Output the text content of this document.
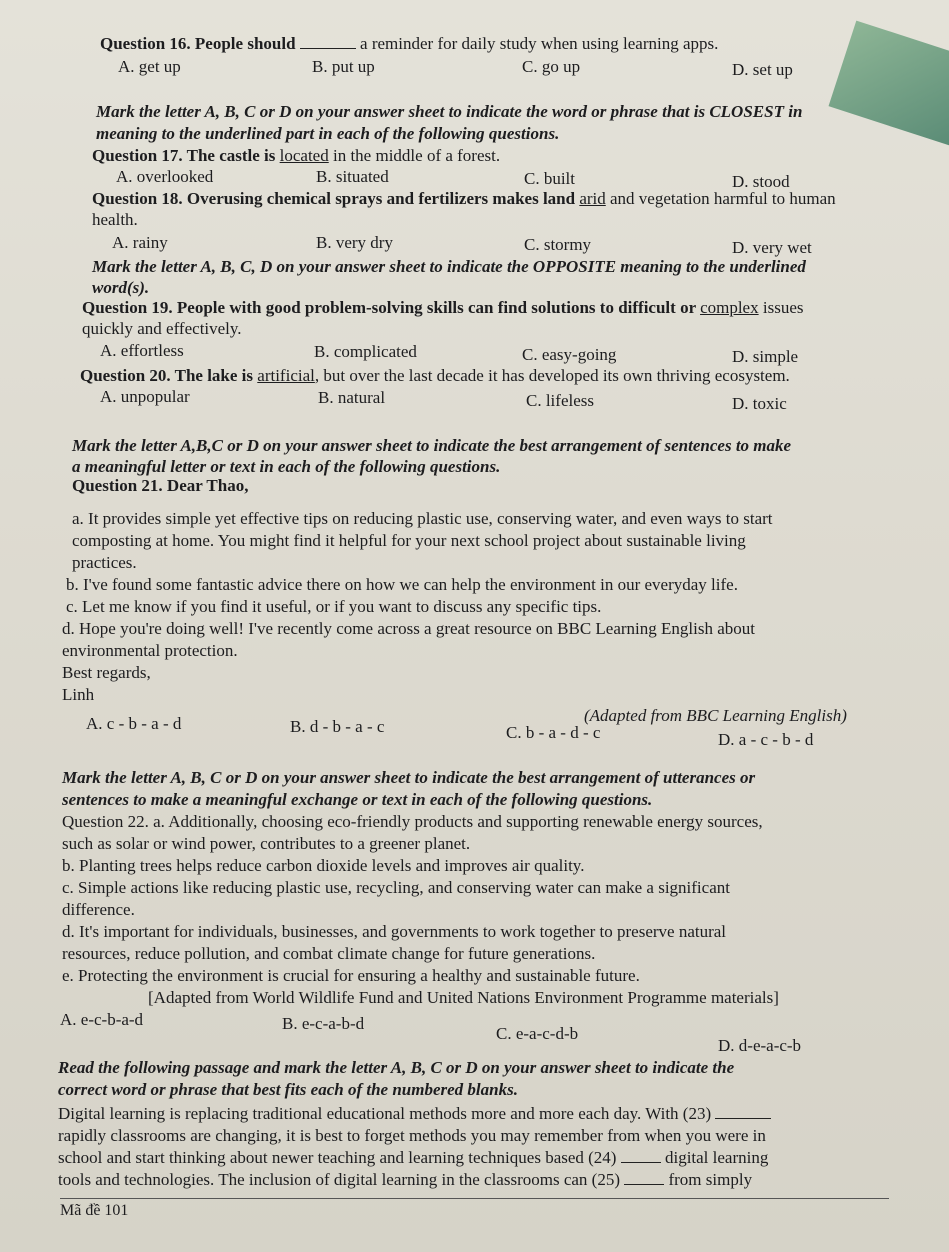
Question 16. People should	a reminder for daily study when using learning apps.
A. get up	B. put up	C. go up	D. set up
Mark the letter A, B, C or D on your answer sheet to indicate the word or phrase that is CLOSEST in
meaning to the underlined part in each of the following questions.
Question 17. The castle is located in the middle of a forest.
A. overlooked	B. situated	C. built	D. stood
Question 18. Overusing chemical sprays and fertilizers makes land arid and vegetation harmful to human
health.
A. rainy	B. very dry	C. stormy	D. very wet
Mark the letter A, B, C, D on your answer sheet to indicate the OPPOSITE meaning to the underlined
word(s).
Question 19. People with good problem-solving skills can find solutions to difficult or complex issues
quickly and effectively.
A. effortless	B. complicated	C. easy-going	D. simple
Question 20. The lake is artificial, but over the last decade it has developed its own thriving ecosystem.
A. unpopular	B. natural	C. lifeless	D. toxic
Mark the letter A,B,C or D on your answer sheet to indicate the best arrangement of sentences to make
a meaningful letter or text in each of the following questions.
Question 21. Dear Thao,
a. It provides simple yet effective tips on reducing plastic use, conserving water, and even ways to start
composting at home. You might find it helpful for your next school project about sustainable living
practices.
b. I've found some fantastic advice there on how we can help the environment in our everyday life.
c. Let me know if you find it useful, or if you want to discuss any specific tips.
d. Hope you're doing well! I've recently come across a great resource on BBC Learning English about
environmental protection.
Best regards,
Linh
(Adapted from BBC Learning English)
A. c - b - a - d	B. d - b - a - c	C. b - a - d - c	D. a - c - b - d
Mark the letter A, B, C or D on your answer sheet to indicate the best arrangement of utterances or
sentences to make a meaningful exchange or text in each of the following questions.
Question 22. a. Additionally, choosing eco-friendly products and supporting renewable energy sources,
such as solar or wind power, contributes to a greener planet.
b. Planting trees helps reduce carbon dioxide levels and improves air quality.
c. Simple actions like reducing plastic use, recycling, and conserving water can make a significant
difference.
d. It's important for individuals, businesses, and governments to work together to preserve natural
resources, reduce pollution, and combat climate change for future generations.
e. Protecting the environment is crucial for ensuring a healthy and sustainable future.
[Adapted from World Wildlife Fund and United Nations Environment Programme materials]
A. e-c-b-a-d	B. e-c-a-b-d
C. e-a-c-d-b
D. d-e-a-c-b
Read the following passage and mark the letter A, B, C or D on your answer sheet to indicate the
correct word or phrase that best fits each of the numbered blanks.
Digital learning is replacing traditional educational methods more and more each day. With (23)
rapidly classrooms are changing, it is best to forget methods you may remember from when you were in
school and start thinking about newer teaching and learning techniques based (24)	digital learning
tools and technologies. The inclusion of digital learning in the classrooms can (25)	from simply
Mã đề 101
